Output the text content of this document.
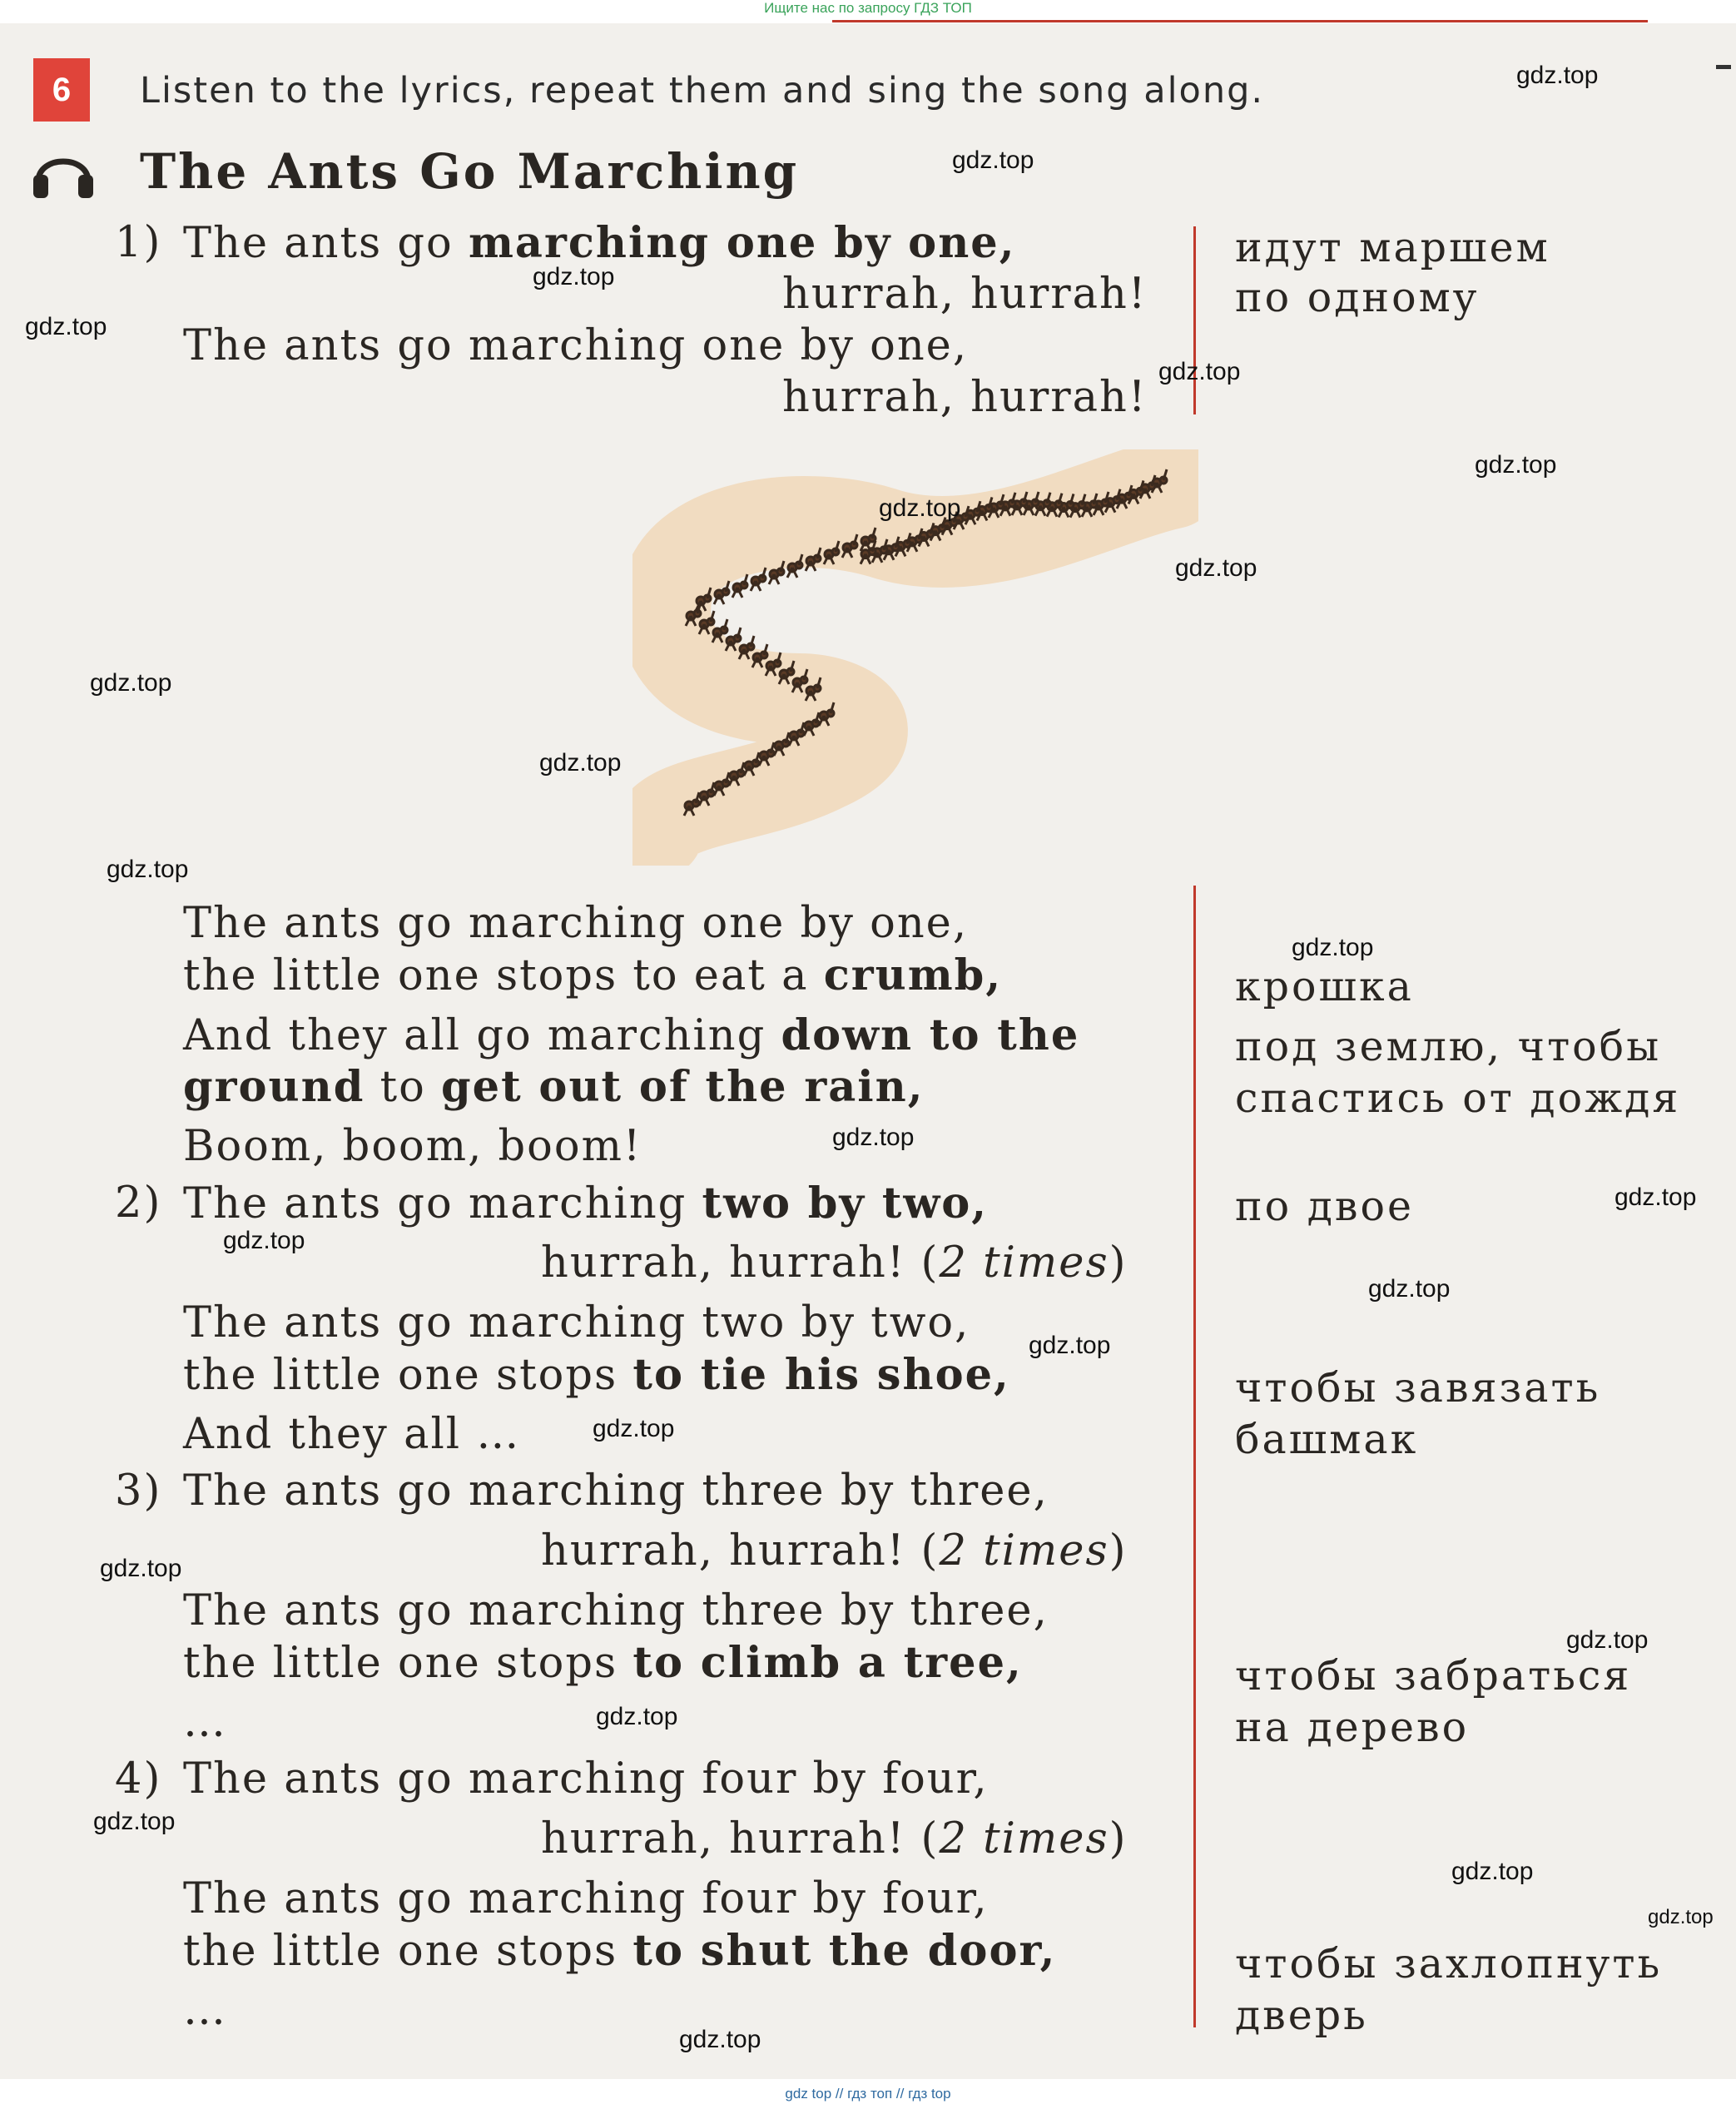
Ищите нас по запросу ГДЗ ТОП
6	Listen to the lyrics, repeat them and sing the song along.
The Ants Go Marching
1) The ants go marching one by one,
hurrah, hurrah!
The ants go marching one by one,
hurrah, hurrah!
идут маршем
по одному
The ants go marching one by one,
the little one stops to eat a crumb,
And they all go marching down to the
ground to get out of the rain,
Boom, boom, boom!
крошка
под землю, чтобы
спастись от дождя
2) The ants go marching two by two,
hurrah, hurrah! (2 times)
The ants go marching two by two,
the little one stops to tie his shoe,
And they all …
по двое
чтобы завязать
башмак
3) The ants go marching three by three,
hurrah, hurrah! (2 times)
The ants go marching three by three,
the little one stops to climb a tree,
…
чтобы забраться
на дерево
4) The ants go marching four by four,
hurrah, hurrah! (2 times)
The ants go marching four by four,
the little one stops to shut the door,
…
чтобы захлопнуть
дверь
gdz.top
gdz.top
gdz.top
gdz.top
gdz.top
gdz.top
gdz.top
gdz.top
gdz.top
gdz.top
gdz.top
gdz.top
gdz.top
gdz.top
gdz.top
gdz.top
gdz.top
gdz.top
gdz.top
gdz.top
gdz.top
gdz.top
gdz.top
gdz.top
gdz.top
gdz top // гдз топ // гдз top
